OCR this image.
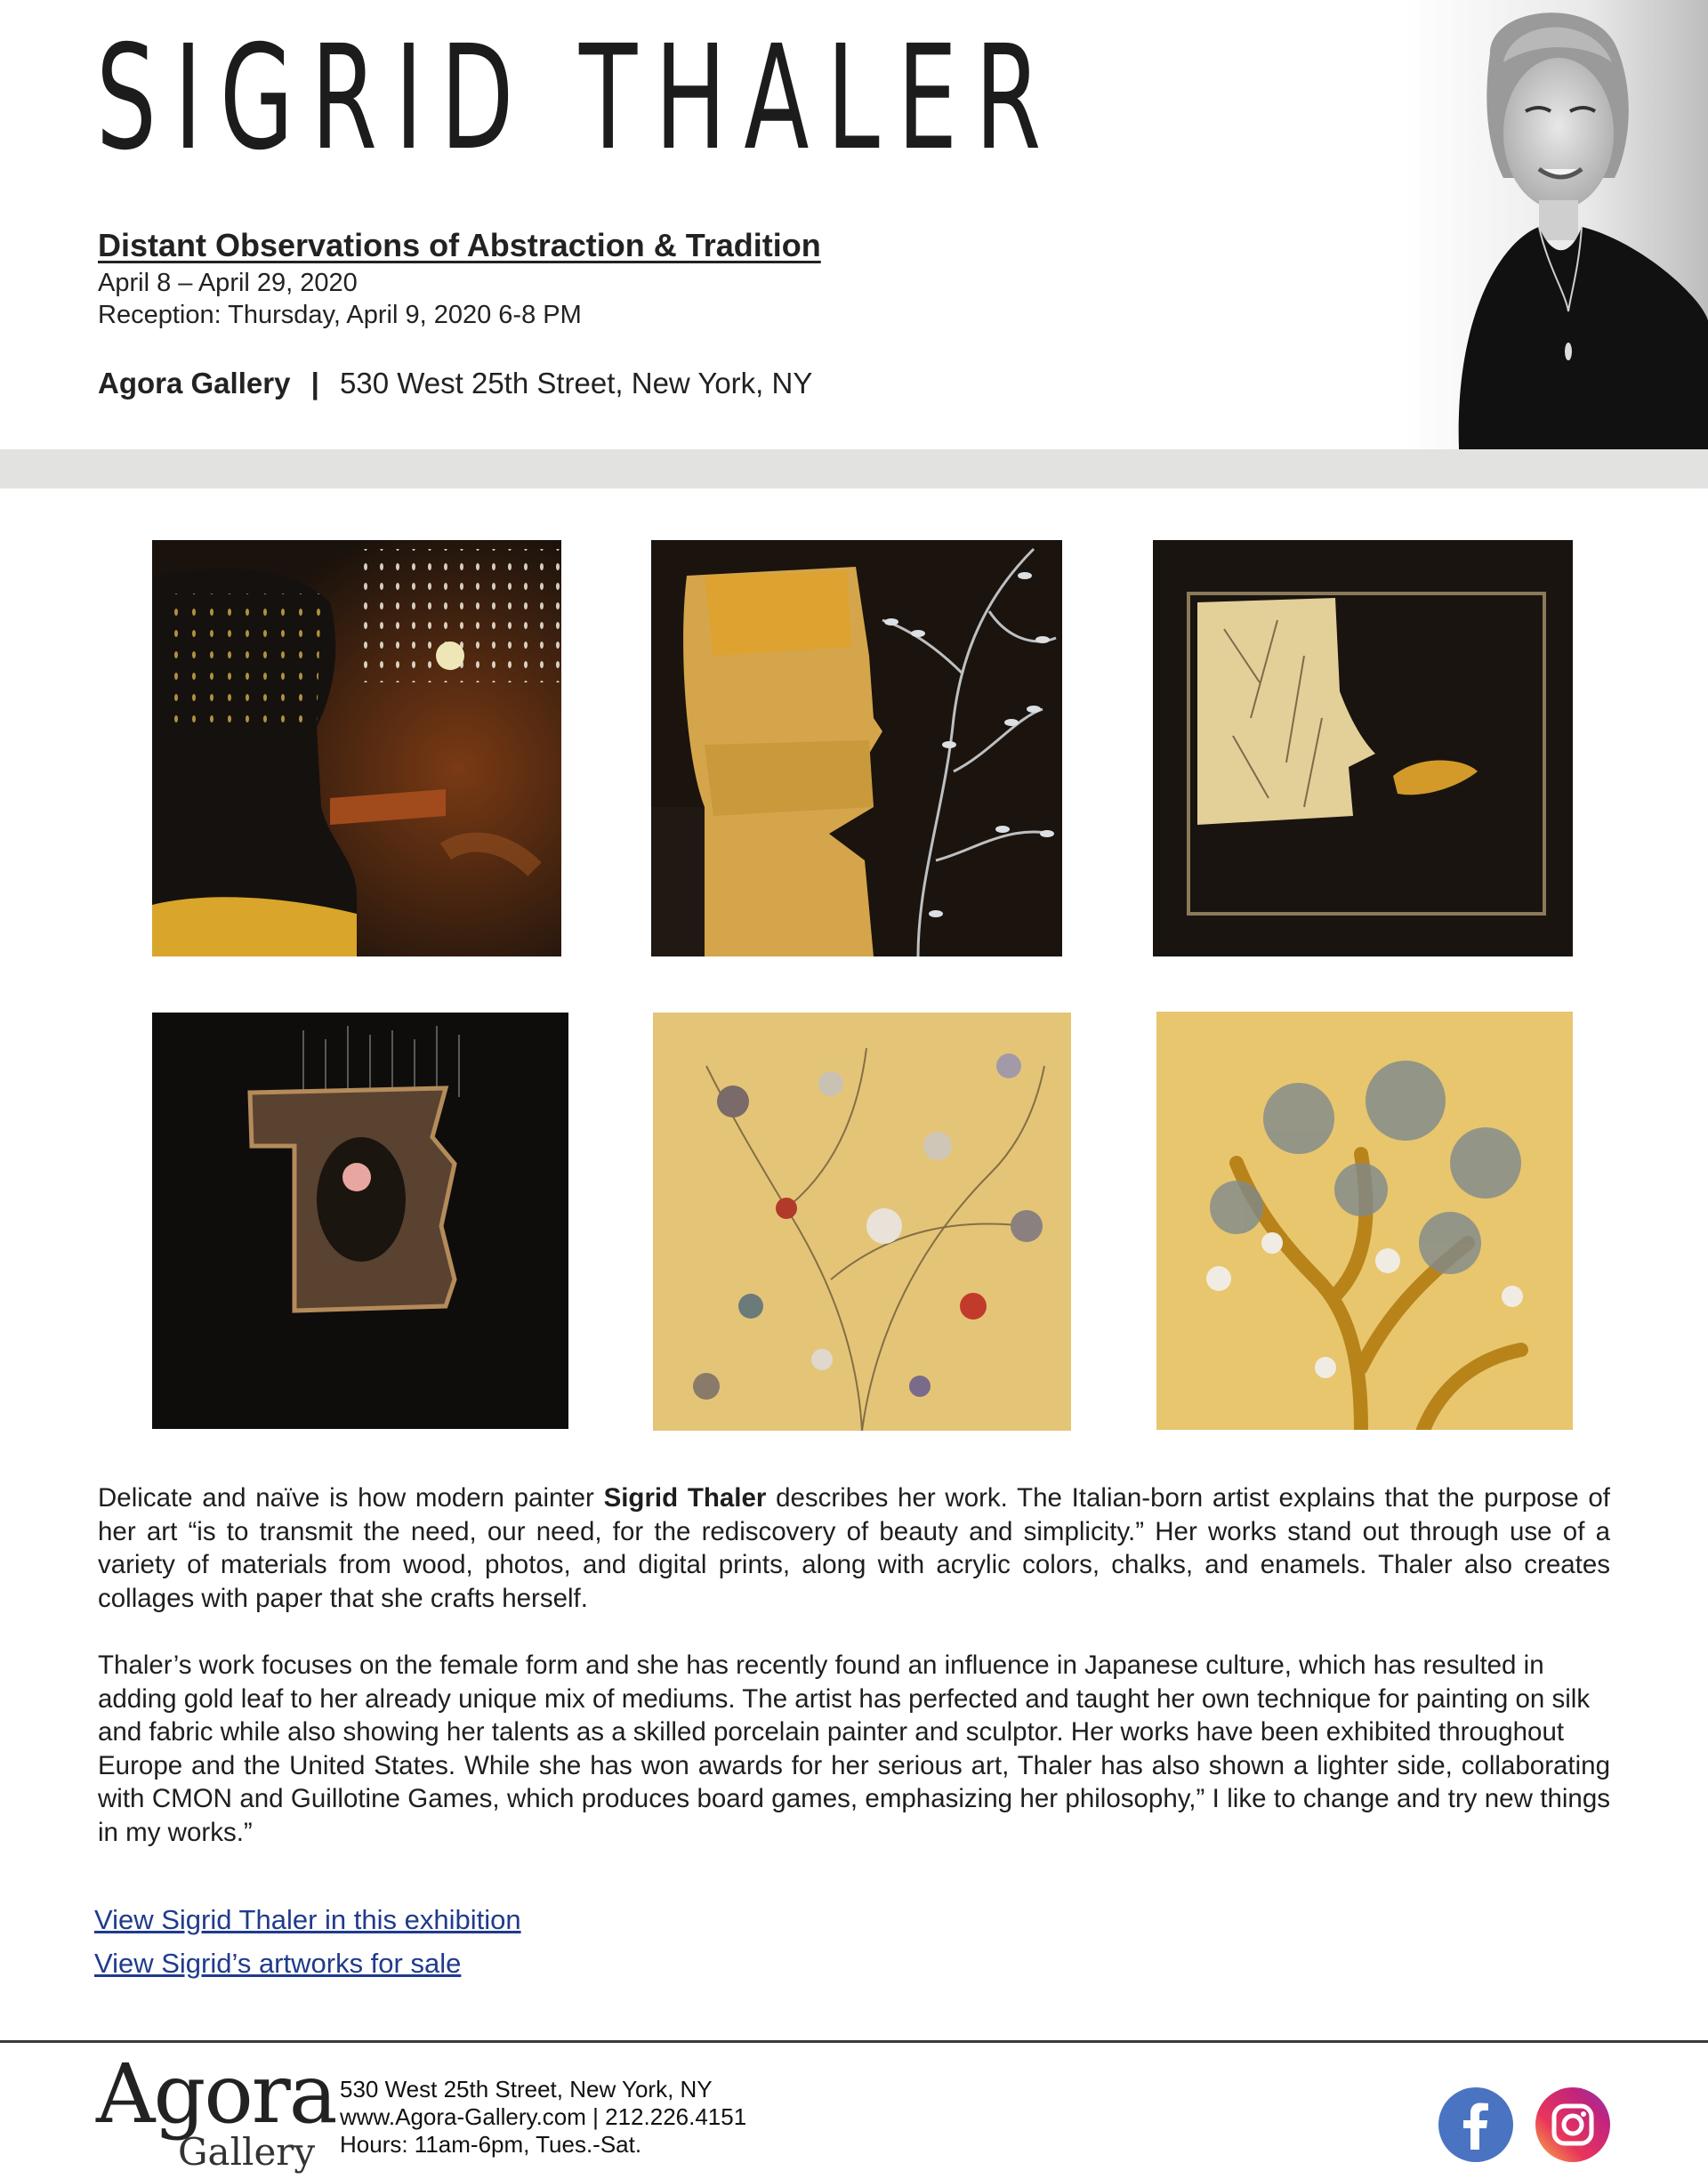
SIGRID THALER
Distant Observations of Abstraction & Tradition
April 8 – April 29, 2020
Reception: Thursday, April 9, 2020 6-8 PM
Agora Gallery | 530 West 25th Street, New York, NY

Delicate and naïve is how modern painter Sigrid Thaler describes her work. The Italian-born artist explains that the purpose of her art “is to transmit the need, our need, for the rediscovery of beauty and simplicity.” Her works stand out through use of a variety of materials from wood, photos, and digital prints, along with acrylic colors, chalks, and enamels. Thaler also creates collages with paper that she crafts herself.

Thaler’s work focuses on the female form and she has recently found an influence in Japanese culture, which has resulted in adding gold leaf to her already unique mix of mediums. The artist has perfected and taught her own technique for painting on silk and fabric while also showing her talents as a skilled porcelain painter and sculptor. Her works have been exhibited throughout
Europe and the United States. While she has won awards for her serious art, Thaler has also shown a lighter side, collaborating with CMON and Guillotine Games, which produces board games, emphasizing her philosophy,” I like to change and try new things in my works.”

View Sigrid Thaler in this exhibition
View Sigrid’s artworks for sale
Agora
Gallery
530 West 25th Street, New York, NY
www.Agora-Gallery.com | 212.226.4151
Hours: 11am-6pm, Tues.-Sat.
